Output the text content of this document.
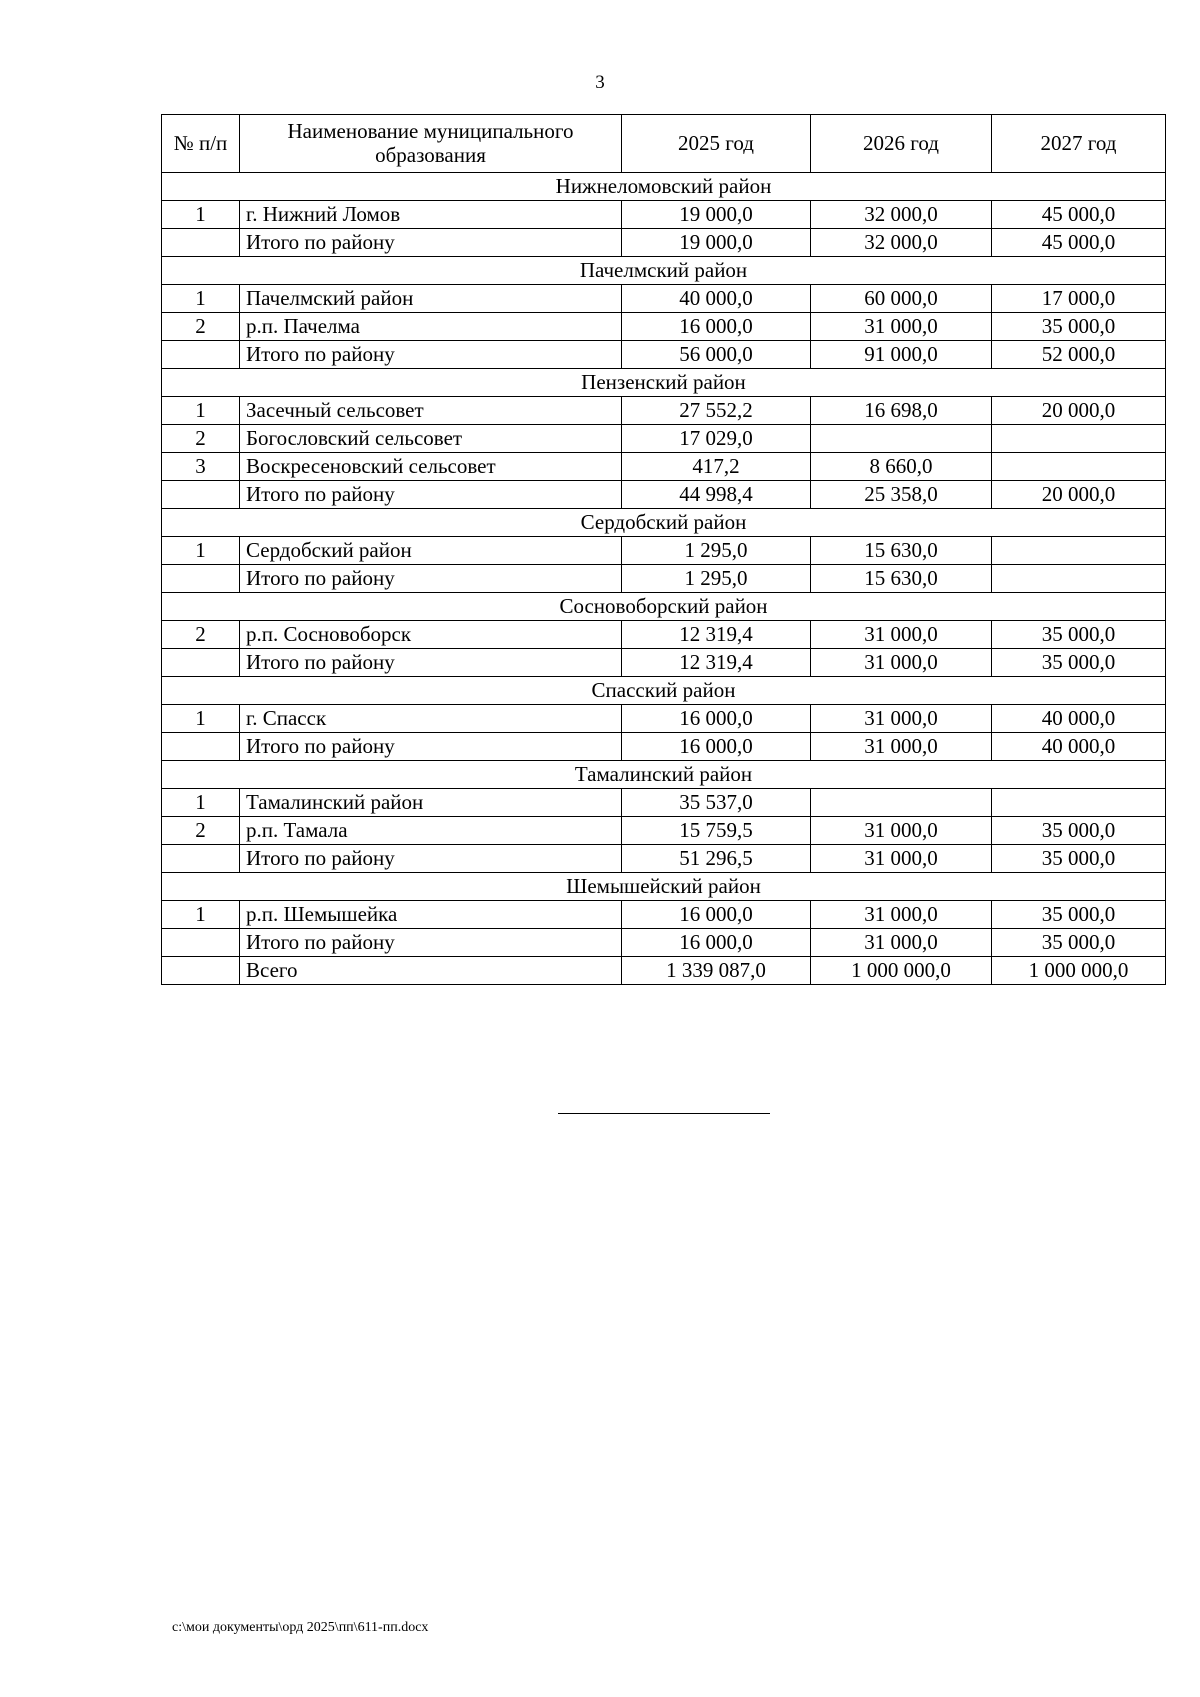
3
№ п/п	Наименование муниципального образования	2025 год	2026 год	2027 год
Нижнеломовский район				
1	г. Нижний Ломов	19 000,0	32 000,0	45 000,0
	Итого по району	19 000,0	32 000,0	45 000,0
Пачелмский район				
1	Пачелмский район	40 000,0	60 000,0	17 000,0
2	р.п. Пачелма	16 000,0	31 000,0	35 000,0
	Итого по району	56 000,0	91 000,0	52 000,0
Пензенский район				
1	Засечный сельсовет	27 552,2	16 698,0	20 000,0
2	Богословский сельсовет	17 029,0		
3	Воскресеновский сельсовет	417,2	8 660,0	
	Итого по району	44 998,4	25 358,0	20 000,0
Сердобский район				
1	Сердобский район	1 295,0	15 630,0	
	Итого по району	1 295,0	15 630,0	
Сосновоборский район				
2	р.п. Сосновоборск	12 319,4	31 000,0	35 000,0
	Итого по району	12 319,4	31 000,0	35 000,0
Спасский район				
1	г. Спасск	16 000,0	31 000,0	40 000,0
	Итого по району	16 000,0	31 000,0	40 000,0
Тамалинский район				
1	Тамалинский район	35 537,0		
2	р.п. Тамала	15 759,5	31 000,0	35 000,0
	Итого по району	51 296,5	31 000,0	35 000,0
Шемышейский район				
1	р.п. Шемышейка	16 000,0	31 000,0	35 000,0
	Итого по району	16 000,0	31 000,0	35 000,0
	Всего	1 339 087,0	1 000 000,0	1 000 000,0
c:\мои документы\орд 2025\пп\611-пп.docx
